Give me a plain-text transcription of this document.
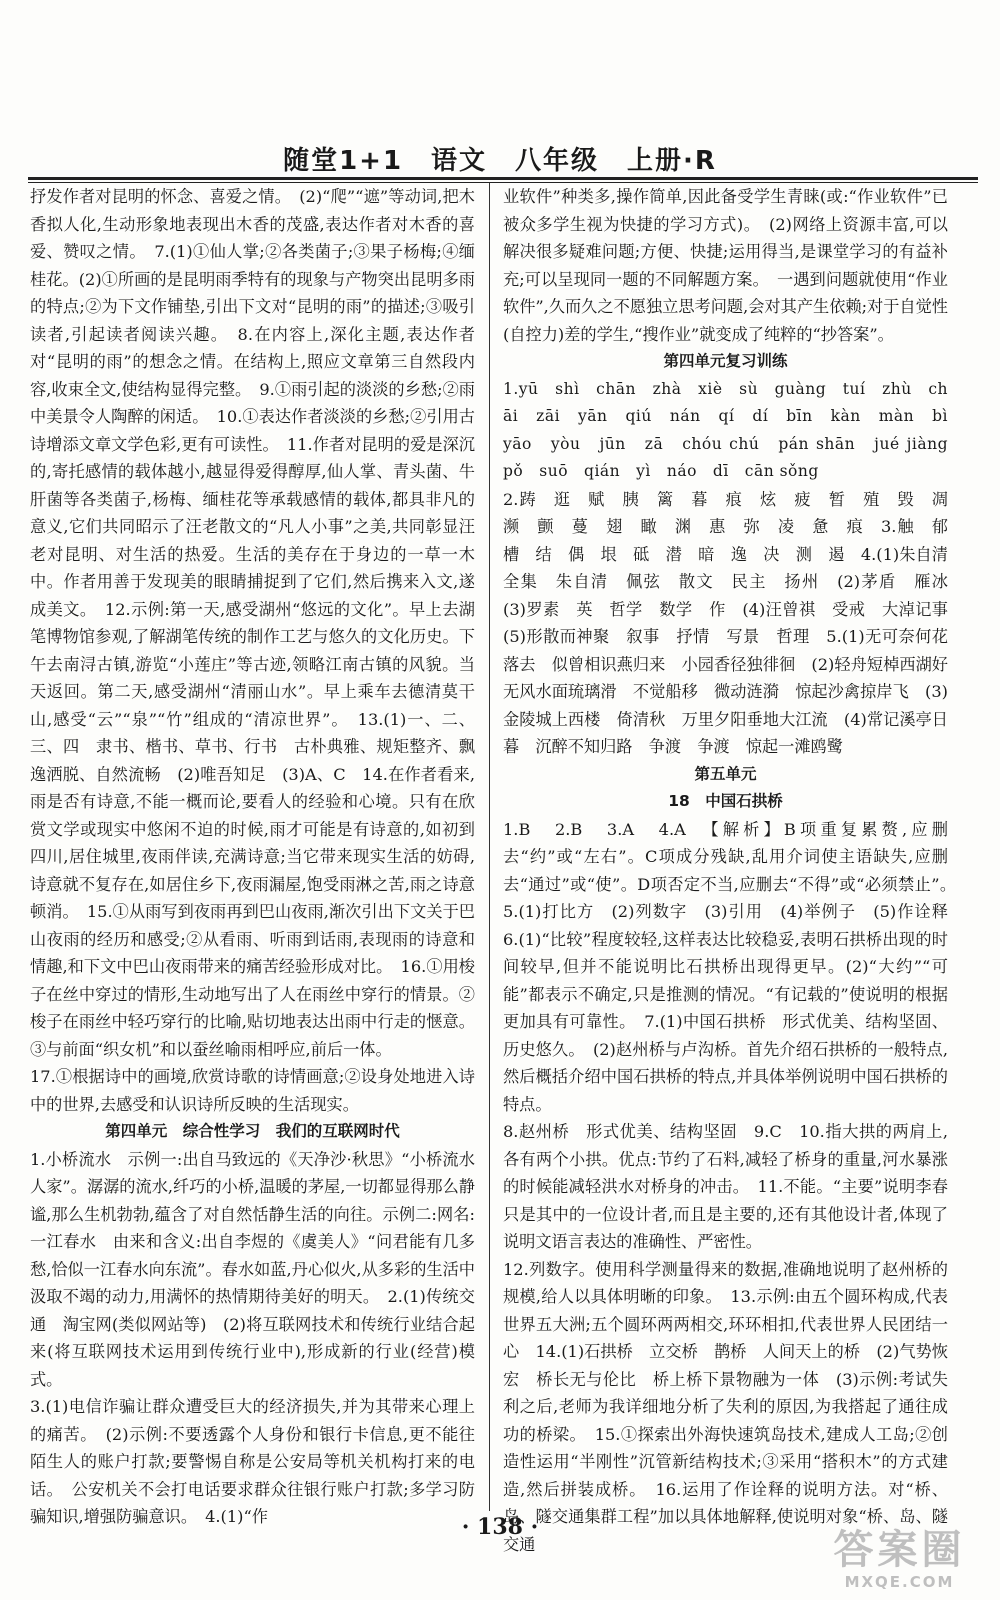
随堂1+1　语文　八年级　上册·R

抒发作者对昆明的怀念、喜爱之情。　(2)“爬”“遮”等动词,把木香拟人化,生动形象地表现出木香的茂盛,表达作者对木香的喜爱、赞叹之情。　7.(1)①仙人掌;②各类菌子;③果子杨梅;④缅桂花。(2)①所画的是昆明雨季特有的现象与产物突出昆明多雨的特点;②为下文作铺垫,引出下文对“昆明的雨”的描述;③吸引读者,引起读者阅读兴趣。　8.在内容上,深化主题,表达作者对“昆明的雨”的想念之情。在结构上,照应文章第三自然段内容,收束全文,使结构显得完整。　9.①雨引起的淡淡的乡愁;②雨中美景令人陶醉的闲适。　10.①表达作者淡淡的乡愁;②引用古诗增添文章文学色彩,更有可读性。　11.作者对昆明的爱是深沉的,寄托感情的载体越小,越显得爱得醇厚,仙人掌、青头菌、牛肝菌等各类菌子,杨梅、缅桂花等承载感情的载体,都具非凡的意义,它们共同昭示了汪老散文的“凡人小事”之美,共同彰显汪老对昆明、对生活的热爱。生活的美存在于身边的一草一木中。作者用善于发现美的眼睛捕捉到了它们,然后携来入文,遂成美文。　12.示例:第一天,感受湖州“悠远的文化”。早上去湖笔博物馆参观,了解湖笔传统的制作工艺与悠久的文化历史。下午去南浔古镇,游览“小莲庄”等古迹,领略江南古镇的风貌。当天返回。第二天,感受湖州“清丽山水”。早上乘车去德清莫干山,感受“云”“泉”“竹”组成的“清凉世界”。　13.(1)一、二、三、四　隶书、楷书、草书、行书　古朴典雅、规矩整齐、飘逸洒脱、自然流畅　(2)唯吾知足　(3)A、C　14.在作者看来,雨是否有诗意,不能一概而论,要看人的经验和心境。只有在欣赏文学或现实中悠闲不迫的时候,雨才可能是有诗意的,如初到四川,居住城里,夜雨伴读,充满诗意;当它带来现实生活的妨碍,诗意就不复存在,如居住乡下,夜雨漏屋,饱受雨淋之苦,雨之诗意顿消。　15.①从雨写到夜雨再到巴山夜雨,渐次引出下文关于巴山夜雨的经历和感受;②从看雨、听雨到话雨,表现雨的诗意和情趣,和下文中巴山夜雨带来的痛苦经验形成对比。　16.①用梭子在丝中穿过的情形,生动地写出了人在雨丝中穿行的情景。②梭子在雨丝中轻巧穿行的比喻,贴切地表达出雨中行走的惬意。③与前面“织女机”和以蚕丝喻雨相呼应,前后一体。

17.①根据诗中的画境,欣赏诗歌的诗情画意;②设身处地进入诗中的世界,去感受和认识诗所反映的生活现实。

第四单元　综合性学习　我们的互联网时代

1.小桥流水　示例一:出自马致远的《天净沙·秋思》“小桥流水人家”。潺潺的流水,纤巧的小桥,温暖的茅屋,一切都显得那么静谧,那么生机勃勃,蕴含了对自然恬静生活的向往。示例二:网名:一江春水　由来和含义:出自李煜的《虞美人》“问君能有几多愁,恰似一江春水向东流”。春水如蓝,丹心似火,从多彩的生活中汲取不竭的动力,用满怀的热情期待美好的明天。　2.(1)传统交通　淘宝网(类似网站等)　(2)将互联网技术和传统行业结合起来(将互联网技术运用到传统行业中),形成新的行业(经营)模式。

3.(1)电信诈骗让群众遭受巨大的经济损失,并为其带来心理上的痛苦。　(2)示例:不要透露个人身份和银行卡信息,更不能往陌生人的账户打款;要警惕自称是公安局等机关机构打来的电话。　公安机关不会打电话要求群众往银行账户打款;多学习防骗知识,增强防骗意识。　4.(1)“作

业软件”种类多,操作简单,因此备受学生青睐(或:“作业软件”已被众多学生视为快捷的学习方式)。　(2)网络上资源丰富,可以解决很多疑难问题;方便、快捷;运用得当,是课堂学习的有益补充;可以呈现同一题的不同解题方案。　一遇到问题就使用“作业软件”,久而久之不愿独立思考问题,会对其产生依赖;对于自觉性(自控力)差的学生,“搜作业”就变成了纯粹的“抄答案”。

第四单元复习训练

1.yū　shì　chān　zhà　xiè　sù　guàng　tuí　zhù　chāi　zāi　yān　qiú　nán　qí　dí　bīn　kàn　màn　bì　yāo　yòu　jūn　zā　chóu chú　pán shān　jué jiàng　pǒ　suō　qián　yì　náo　dī　cān sǒng

2.踌　逛　赋　胰　篱　暮　痕　炫　疲　暂　殖　毁　凋　濒　颤　蔓　翅　瞰　渊　惠　弥　凌　惫　痕　3.触　郁　槽　结　偶　垠　砥　潜　暗　逸　决　测　遏　4.(1)朱自清全集　朱自清　佩弦　散文　民主　扬州　(2)茅盾　雁冰　(3)罗素　英　哲学　数学　作　(4)汪曾祺　受戒　大淖记事　(5)形散而神聚　叙事　抒情　写景　哲理　5.(1)无可奈何花落去　似曾相识燕归来　小园香径独徘徊　(2)轻舟短棹西湖好　无风水面琉璃滑　不觉船移　微动涟漪　惊起沙禽掠岸飞　(3)金陵城上西楼　倚清秋　万里夕阳垂地大江流　(4)常记溪亭日暮　沉醉不知归路　争渡　争渡　惊起一滩鸥鹭

第五单元

18　中国石拱桥

1.B　2.B　3.A　4.A　【解析】B项重复累赘,应删去“约”或“左右”。C项成分残缺,乱用介词使主语缺失,应删去“通过”或“使”。D项否定不当,应删去“不得”或“必须禁止”。　5.(1)打比方　(2)列数字　(3)引用　(4)举例子　(5)作诠释　6.(1)“比较”程度较轻,这样表达比较稳妥,表明石拱桥出现的时间较早,但并不能说明比石拱桥出现得更早。(2)“大约”“可能”都表示不确定,只是推测的情况。“有记载的”使说明的根据更加具有可靠性。　7.(1)中国石拱桥　形式优美、结构坚固、历史悠久。　(2)赵州桥与卢沟桥。首先介绍石拱桥的一般特点,然后概括介绍中国石拱桥的特点,并具体举例说明中国石拱桥的特点。

8.赵州桥　形式优美、结构坚固　9.C　10.指大拱的两肩上,各有两个小拱。优点:节约了石料,减轻了桥身的重量,河水暴涨的时候能减轻洪水对桥身的冲击。　11.不能。“主要”说明李春只是其中的一位设计者,而且是主要的,还有其他设计者,体现了说明文语言表达的准确性、严密性。

12.列数字。使用科学测量得来的数据,准确地说明了赵州桥的规模,给人以具体明晰的印象。　13.示例:由五个圆环构成,代表世界五大洲;五个圆环两两相交,环环相扣,代表世界人民团结一心　14.(1)石拱桥　立交桥　鹊桥　人间天上的桥　(2)气势恢宏　桥长无与伦比　桥上桥下景物融为一体　(3)示例:考试失利之后,老师为我详细地分析了失利的原因,为我搭起了通往成功的桥梁。　15.①探索出外海快速筑岛技术,建成人工岛;②创造性运用“半刚性”沉管新结构技术;③采用“搭积木”的方式建造,然后拼装成桥。　16.运用了作诠释的说明方法。对“桥、岛、隧交通集群工程”加以具体地解释,使说明对象“桥、岛、隧交通

· 138 ·	答案圈
MXQE.COM
